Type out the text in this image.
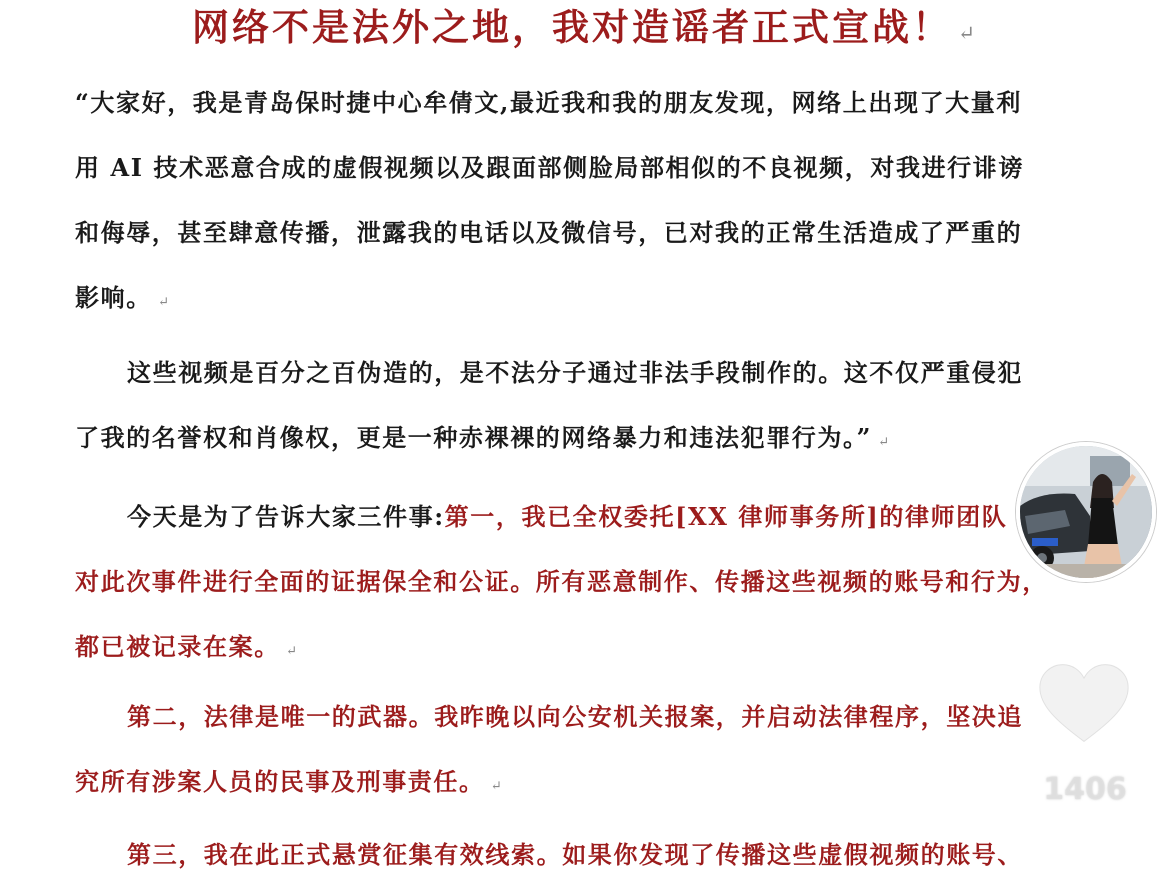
网络不是法外之地，我对造谣者正式宣战！ ↵
“大家好，我是青岛保时捷中心牟倩文,最近我和我的朋友发现，网络上出现了大量利
用 AI 技术恶意合成的虚假视频以及跟面部侧脸局部相似的不良视频，对我进行诽谤
和侮辱，甚至肆意传播，泄露我的电话以及微信号，已对我的正常生活造成了严重的
影响。 ↵
这些视频是百分之百伪造的，是不法分子通过非法手段制作的。这不仅严重侵犯
了我的名誉权和肖像权，更是一种赤裸裸的网络暴力和违法犯罪行为。” ↵
今天是为了告诉大家三件事:第一，我已全权委托[XX 律师事务所]的律师团队
对此次事件进行全面的证据保全和公证。所有恶意制作、传播这些视频的账号和行为，
都已被记录在案。 ↵
第二，法律是唯一的武器。我昨晚以向公安机关报案，并启动法律程序，坚决追
究所有涉案人员的民事及刑事责任。 ↵
第三，我在此正式悬赏征集有效线索。如果你发现了传播这些虚假视频的账号、
1406
